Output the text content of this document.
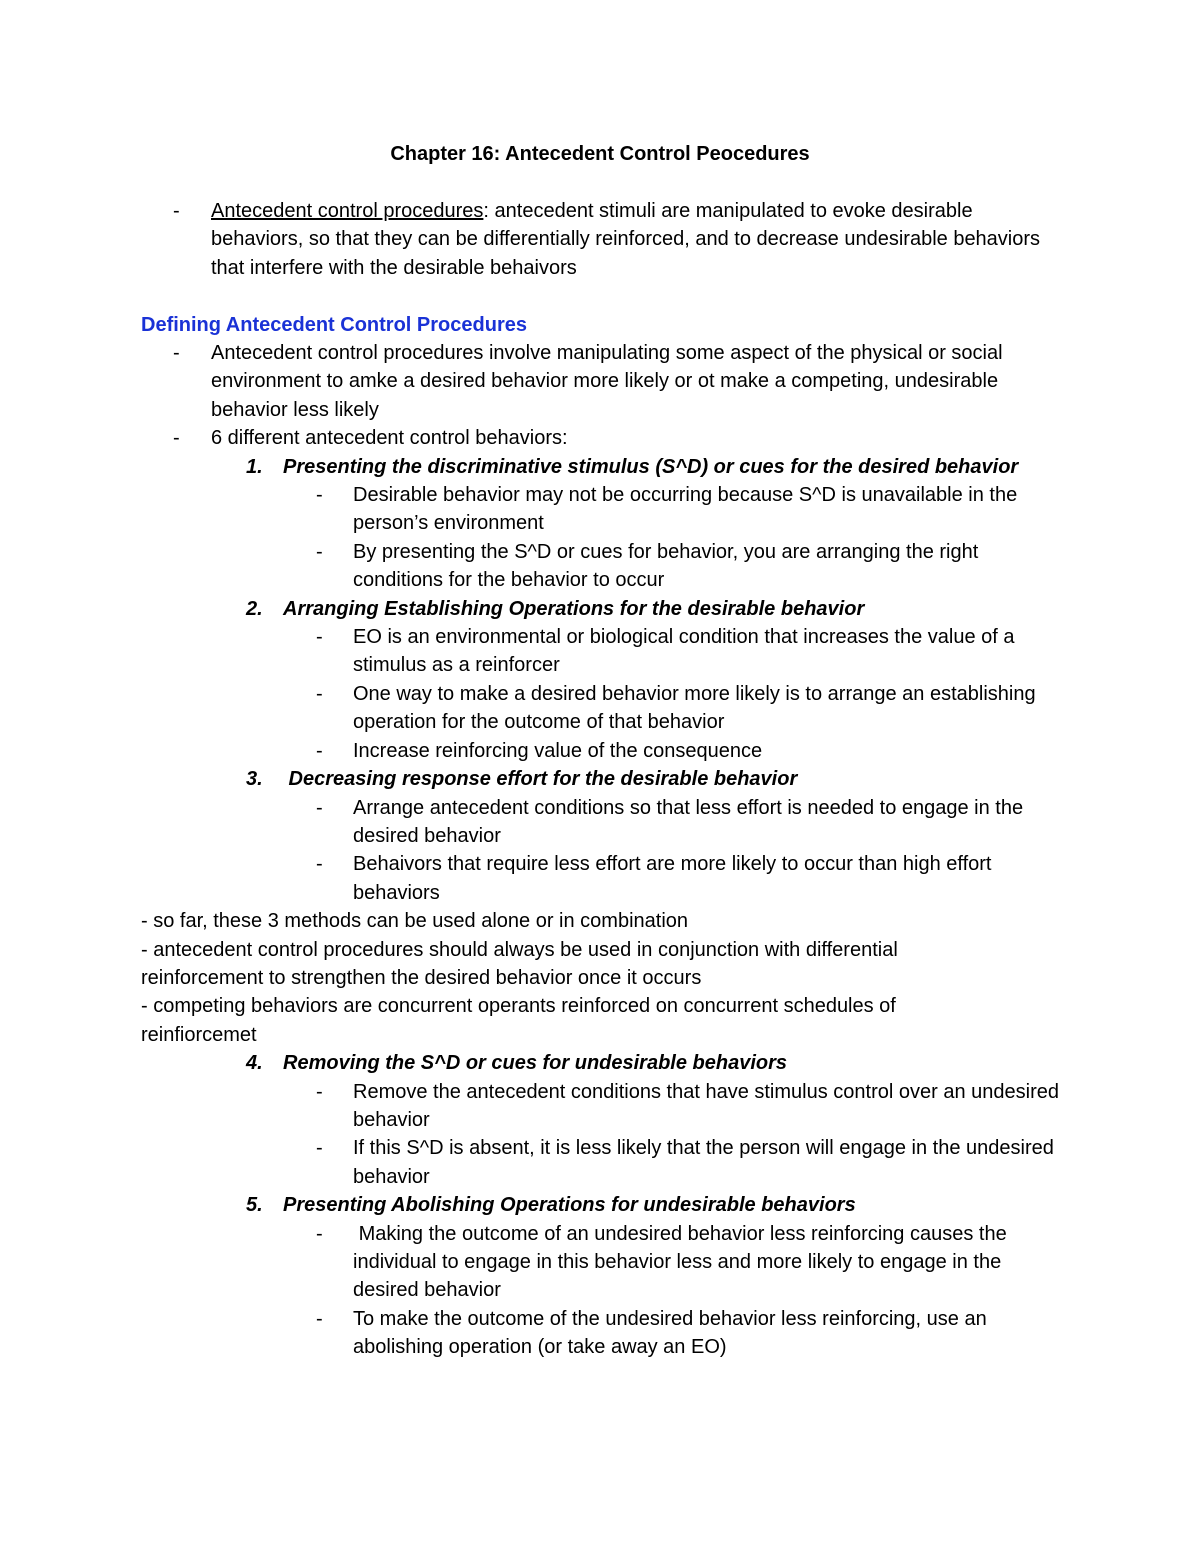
Chapter 16: Antecedent Control Peocedures
- Antecedent control procedures: antecedent stimuli are manipulated to evoke desirable behaviors, so that they can be differentially reinforced, and to decrease undesirable behaviors that interfere with the desirable behaivors
Defining Antecedent Control Procedures
- Antecedent control procedures involve manipulating some aspect of the physical or social environment to amke a desired behavior more likely or ot make a competing, undesirable behavior less likely
- 6 different antecedent control behaviors:
1. Presenting the discriminative stimulus (S^D) or cues for the desired behavior
- Desirable behavior may not be occurring because S^D is unavailable in the person’s environment
- By presenting the S^D or cues for behavior, you are arranging the right conditions for the behavior to occur
2. Arranging Establishing Operations for the desirable behavior
- EO is an environmental or biological condition that increases the value of a stimulus as a reinforcer
- One way to make a desired behavior more likely is to arrange an establishing operation for the outcome of that behavior
- Increase reinforcing value of the consequence
3. Decreasing response effort for the desirable behavior
- Arrange antecedent conditions so that less effort is needed to engage in the desired behavior
- Behaivors that require less effort are more likely to occur than high effort behaviors
- so far, these 3 methods can be used alone or in combination
- antecedent control procedures should always be used in conjunction with differential reinforcement to strengthen the desired behavior once it occurs
- competing behaviors are concurrent operants reinforced on concurrent schedules of reinfiorcemet
4. Removing the S^D or cues for undesirable behaviors
- Remove the antecedent conditions that have stimulus control over an undesired behavior
- If this S^D is absent, it is less likely that the person will engage in the undesired behavior
5. Presenting Abolishing Operations for undesirable behaviors
- Making the outcome of an undesired behavior less reinforcing causes the individual to engage in this behavior less and more likely to engage in the desired behavior
- To make the outcome of the undesired behavior less reinforcing, use an abolishing operation (or take away an EO)
